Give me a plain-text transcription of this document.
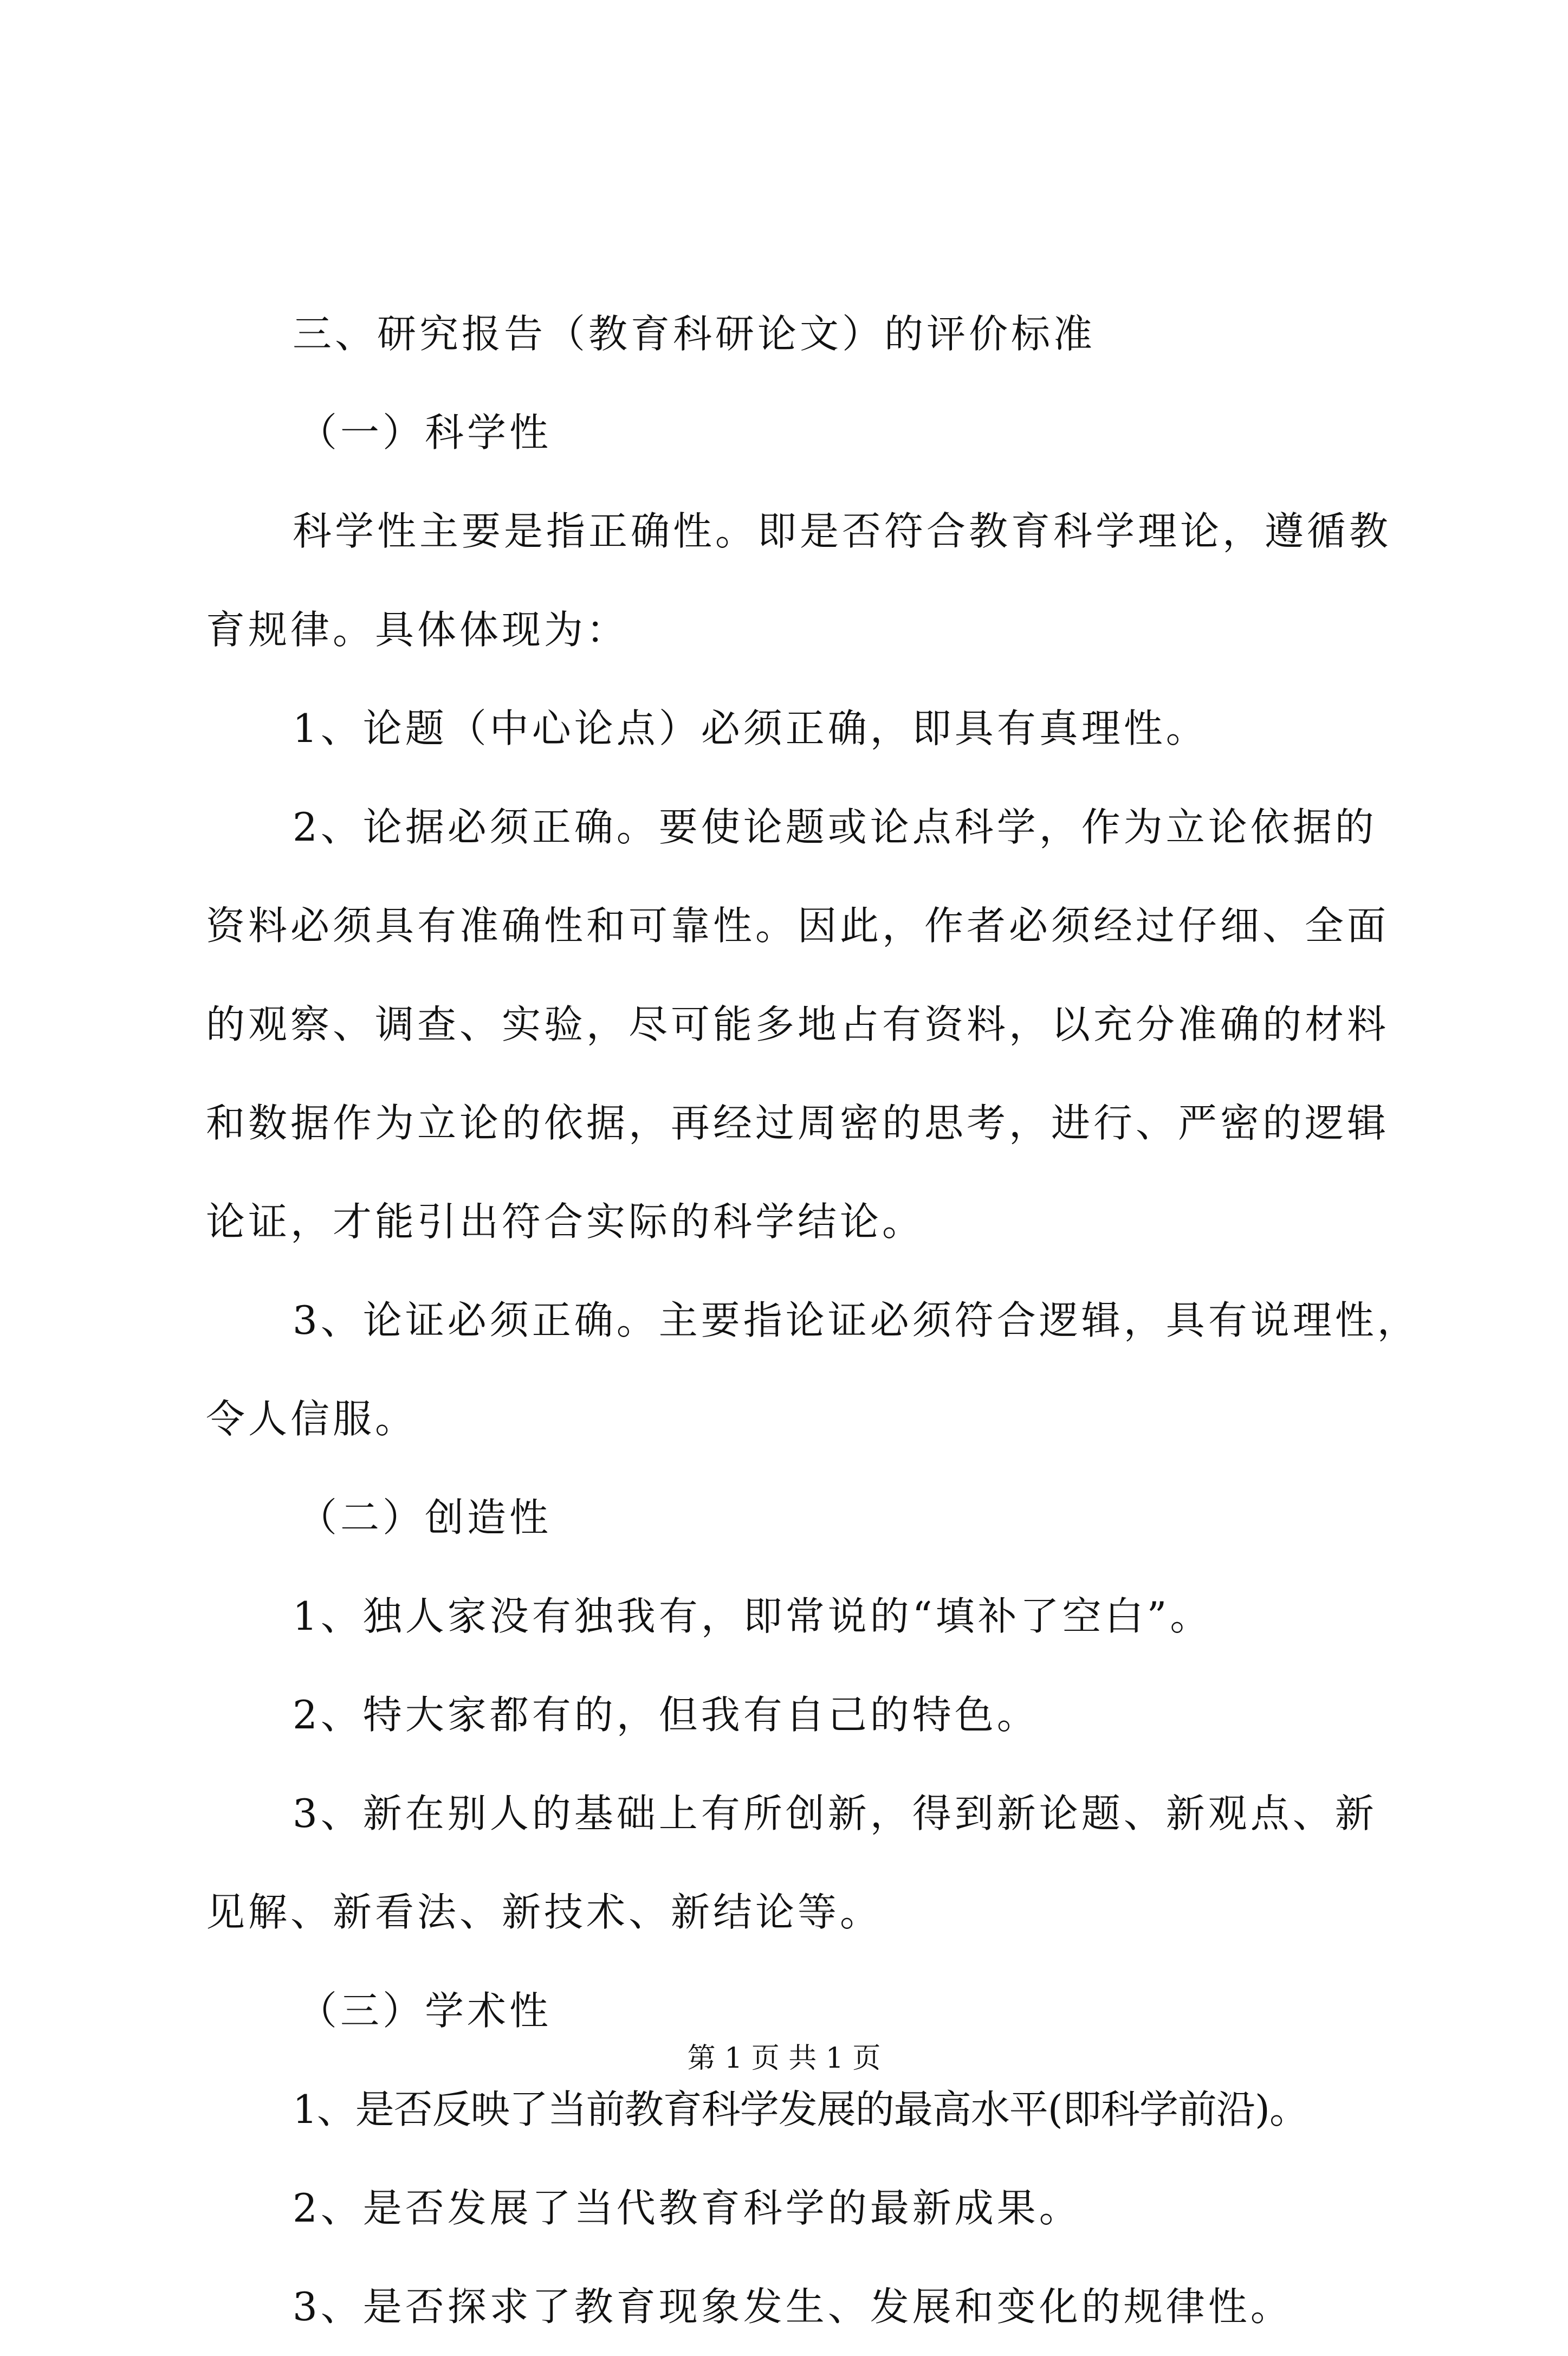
三、研究报告（教育科研论文）的评价标准

（一）科学性

科学性主要是指正确性。即是否符合教育科学理论，遵循教

育规律。具体体现为：

1、论题（中心论点）必须正确，即具有真理性。

2、论据必须正确。要使论题或论点科学，作为立论依据的

资料必须具有准确性和可靠性。因此，作者必须经过仔细、全面

的观察、调查、实验，尽可能多地占有资料，以充分准确的材料

和数据作为立论的依据，再经过周密的思考，进行、严密的逻辑

论证，才能引出符合实际的科学结论。

3、论证必须正确。主要指论证必须符合逻辑，具有说理性，

令人信服。

（二）创造性

1、独人家没有独我有，即常说的“填补了空白”。

2、特大家都有的，但我有自己的特色。

3、新在别人的基础上有所创新，得到新论题、新观点、新

见解、新看法、新技术、新结论等。

（三）学术性

1、是否反映了当前教育科学发展的最高水平(即科学前沿)。

2、是否发展了当代教育科学的最新成果。

3、是否探求了教育现象发生、发展和变化的规律性。

第 1 页 共 1 页
